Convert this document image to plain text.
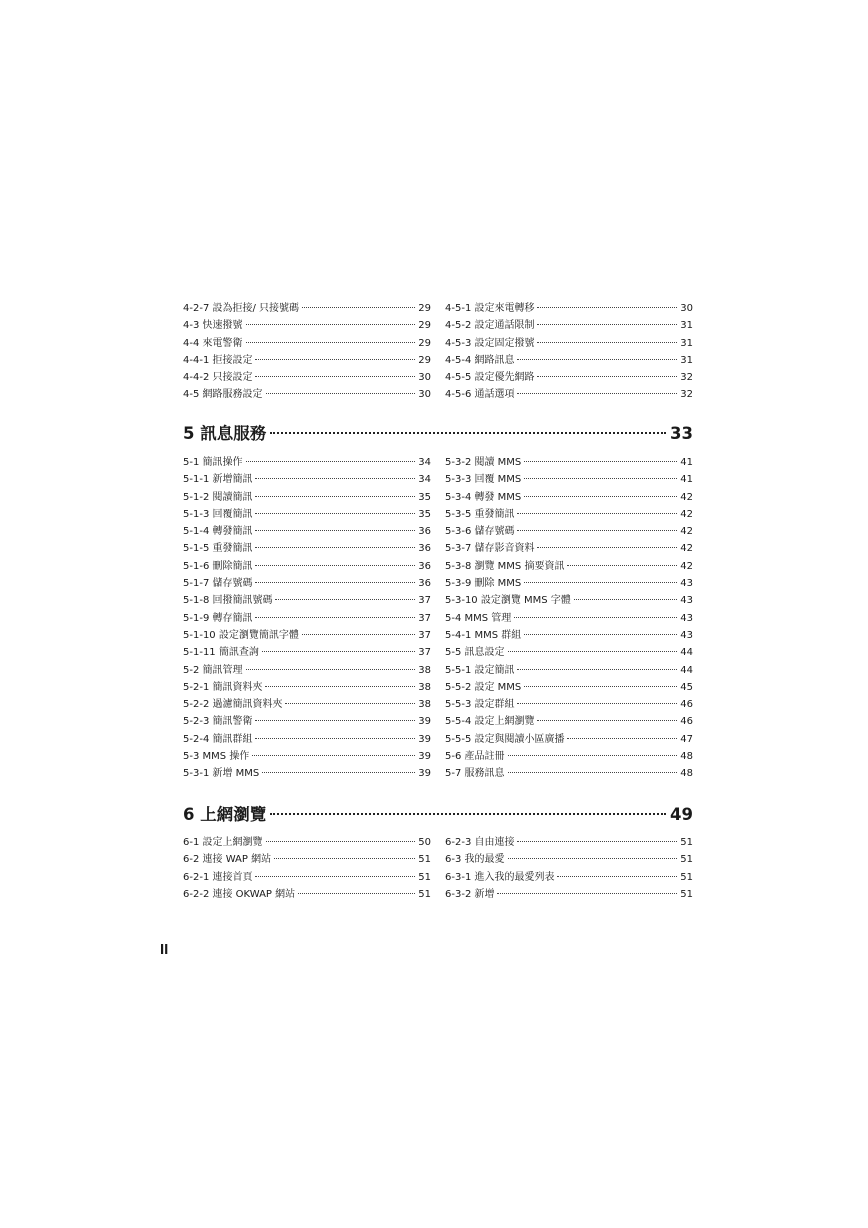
4-2-7 設為拒接/ 只接號碼	29
4-3 快速撥號	29
4-4 來電警衛	29
4-4-1 拒接設定	29
4-4-2 只接設定	30
4-5 網路服務設定	30
4-5-1 設定來電轉移	30
4-5-2 設定通話限制	31
4-5-3 設定固定撥號	31
4-5-4 網路訊息	31
4-5-5 設定優先網路	32
4-5-6 通話選項	32
5 訊息服務	33
5-1 簡訊操作	34
5-1-1 新增簡訊	34
5-1-2 閱讀簡訊	35
5-1-3 回覆簡訊	35
5-1-4 轉發簡訊	36
5-1-5 重發簡訊	36
5-1-6 刪除簡訊	36
5-1-7 儲存號碼	36
5-1-8 回撥簡訊號碼	37
5-1-9 轉存簡訊	37
5-1-10 設定瀏覽簡訊字體	37
5-1-11 簡訊查詢	37
5-2 簡訊管理	38
5-2-1 簡訊資料夾	38
5-2-2 過濾簡訊資料夾	38
5-2-3 簡訊警衛	39
5-2-4 簡訊群組	39
5-3 MMS 操作	39
5-3-1 新增 MMS	39
5-3-2 閱讀 MMS	41
5-3-3 回覆 MMS	41
5-3-4 轉發 MMS	42
5-3-5 重發簡訊	42
5-3-6 儲存號碼	42
5-3-7 儲存影音資料	42
5-3-8 瀏覽 MMS 摘要資訊	42
5-3-9 刪除 MMS	43
5-3-10 設定瀏覽 MMS 字體	43
5-4 MMS 管理	43
5-4-1 MMS 群組	43
5-5 訊息設定	44
5-5-1 設定簡訊	44
5-5-2 設定 MMS	45
5-5-3 設定群組	46
5-5-4 設定上網瀏覽	46
5-5-5 設定與閱讀小區廣播	47
5-6 產品註冊	48
5-7 服務訊息	48
6 上網瀏覽	49
6-1 設定上網瀏覽	50
6-2 連接 WAP 網站	51
6-2-1 連接首頁	51
6-2-2 連接 OKWAP 網站	51
6-2-3 自由連接	51
6-3 我的最愛	51
6-3-1 進入我的最愛列表	51
6-3-2 新增	51
II
